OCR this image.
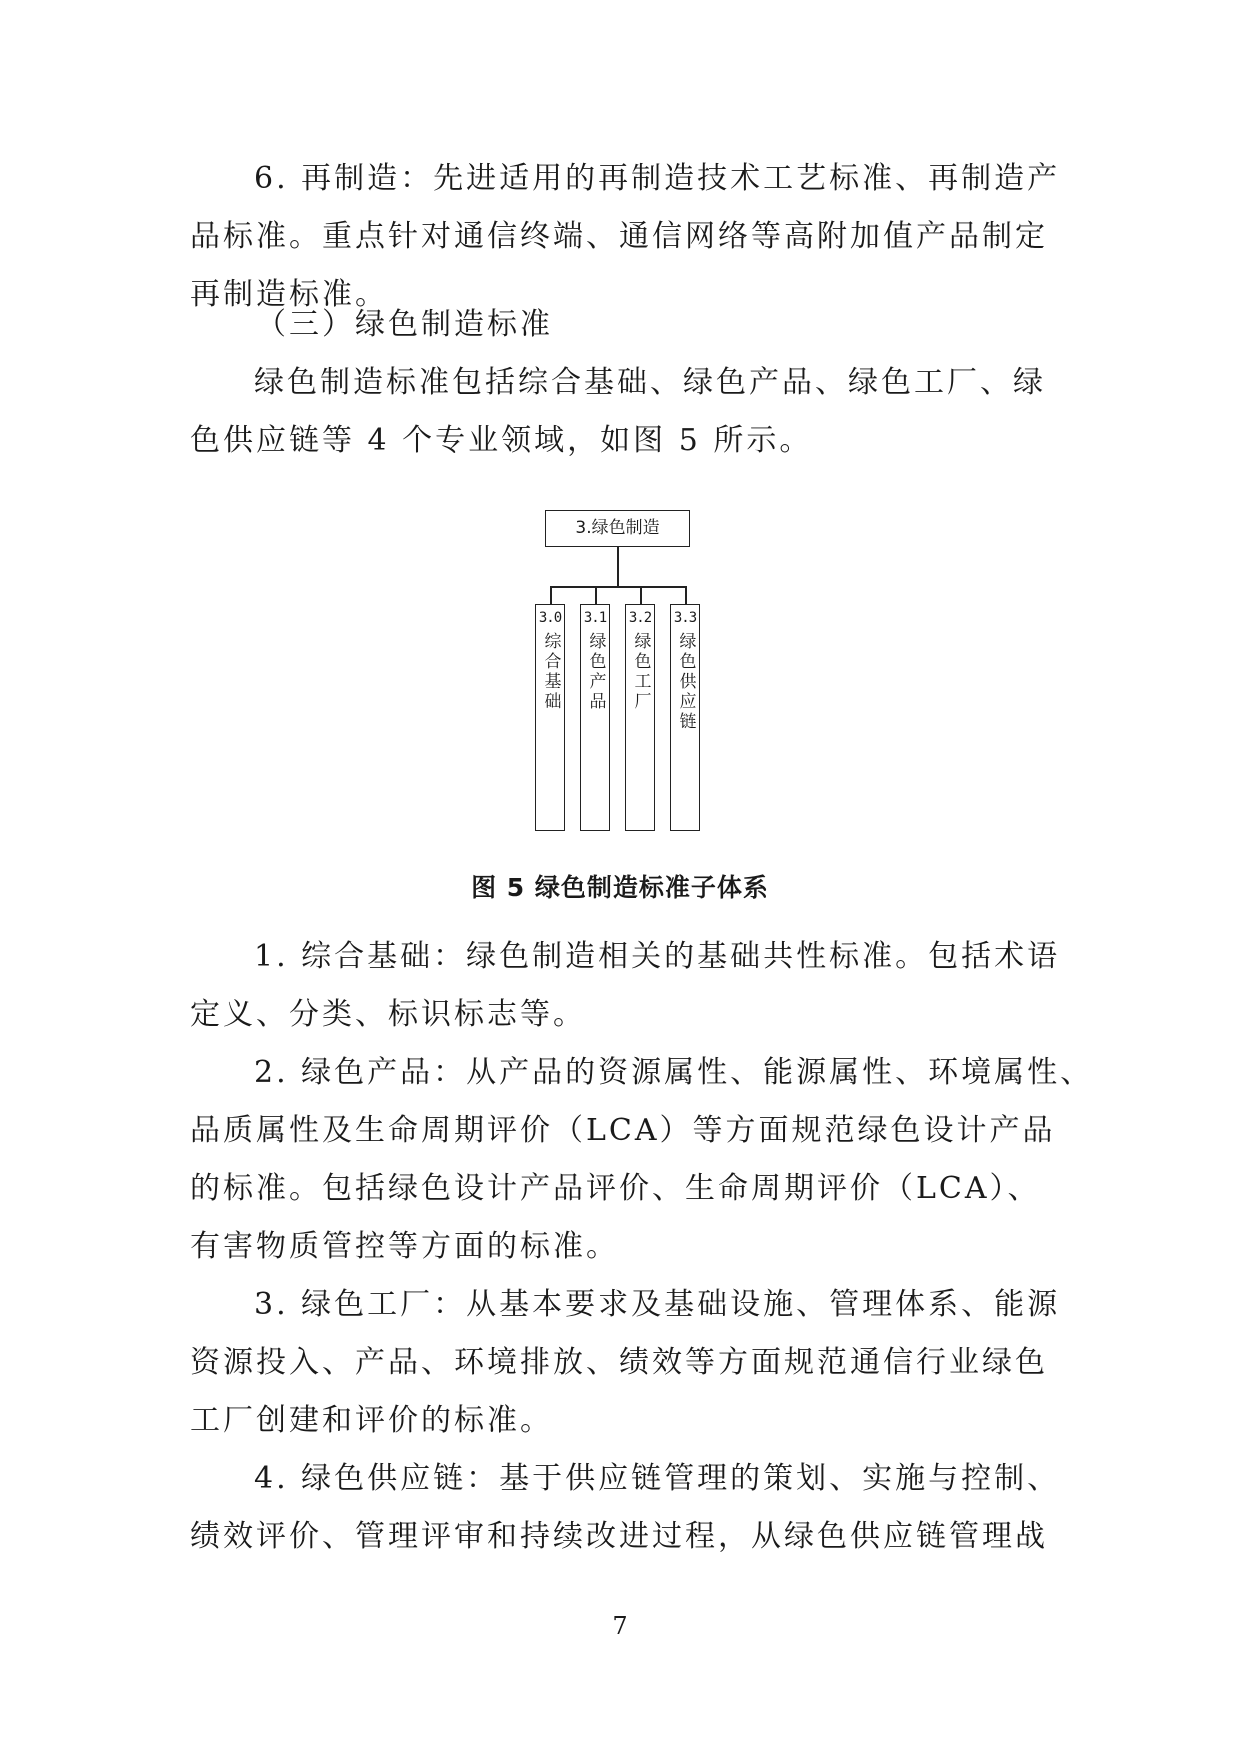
6. 再制造：先进适用的再制造技术工艺标准、再制造产
品标准。重点针对通信终端、通信网络等高附加值产品制定
再制造标准。
（三）绿色制造标准
绿色制造标准包括综合基础、绿色产品、绿色工厂、绿
色供应链等 4 个专业领域，如图 5 所示。
3.绿色制造
3.0
综合基础
3.1
绿色产品
3.2
绿色工厂
3.3
绿色供应链
图 5 绿色制造标准子体系
1. 综合基础：绿色制造相关的基础共性标准。包括术语
定义、分类、标识标志等。
2. 绿色产品：从产品的资源属性、能源属性、环境属性、
品质属性及生命周期评价（LCA）等方面规范绿色设计产品
的标准。包括绿色设计产品评价、生命周期评价（LCA）、
有害物质管控等方面的标准。
3. 绿色工厂：从基本要求及基础设施、管理体系、能源
资源投入、产品、环境排放、绩效等方面规范通信行业绿色
工厂创建和评价的标准。
4. 绿色供应链：基于供应链管理的策划、实施与控制、
绩效评价、管理评审和持续改进过程，从绿色供应链管理战
7
